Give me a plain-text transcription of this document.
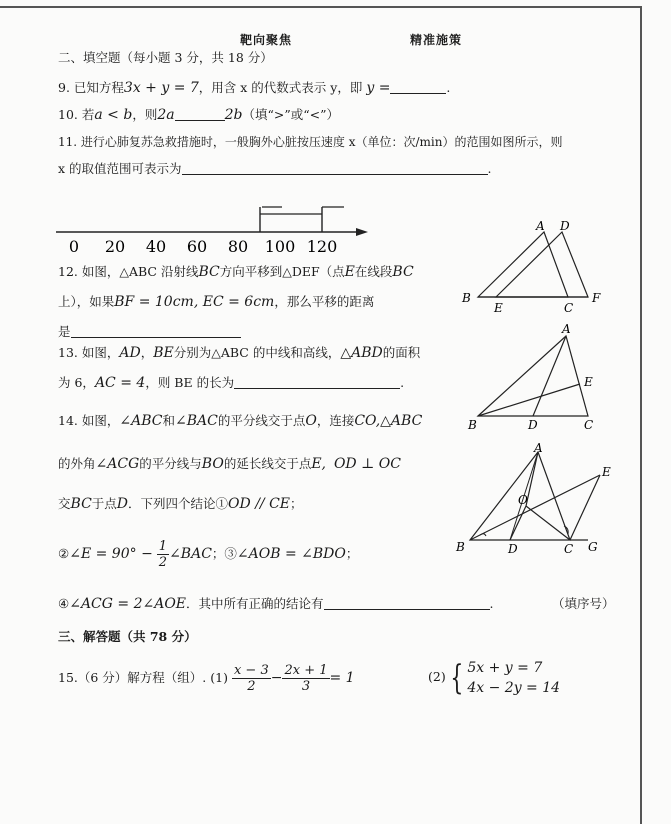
靶向聚焦	精准施策
二、填空题（每小题 3 分，共 18 分）
9. 已知方程3x + y = 7，用含 x 的代数式表示 y，即 y =	.
10. 若a < b，则2a	2b（填“>”或“<”）
11. 进行心肺复苏急救措施时，一般胸外心脏按压速度 x（单位：次/min）的范围如图所示，则
x 的取值范围可表示为	.
0 20 40 60 80 100 120
12. 如图，△ABC 沿射线BC方向平移到△DEF（点E在线段BC
上），如果BF = 10cm, EC = 6cm，那么平移的距离
是
A D
B
E	C
F
13. 如图，AD，BE分别为△ABC 的中线和高线，△ABD的面积
为 6，AC = 4，则 BE 的长为	.
A
E
B	D	C
14. 如图，∠ABC和∠BAC的平分线交于点O，连接CO,△ABC
的外角∠ACG的平分线与BO的延长线交于点E, OD ⊥ OC
交BC于点D．下列四个结论①OD // CE；
②∠E = $90^\circ - \frac{1}{2}$ ∠BAC；③∠AOB = ∠BDO；
④∠ACG = 2∠AOE．其中所有正确的结论有	.	（填序号）
A
E
O
B	D	C G
三、解答题（共 78 分）
15.（6 分）解方程（组）. $(1) \frac{x - 3}{2} - \frac{2x + 1}{3} = 1$	(2) { 5x + y = 7
4x − 2y = 14
